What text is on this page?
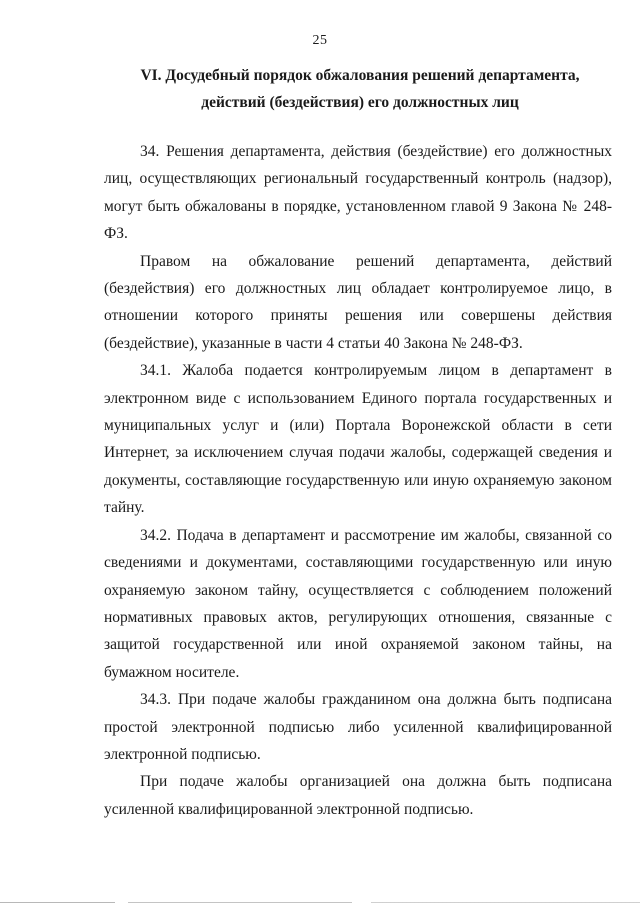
25
VI. Досудебный порядок обжалования решений департамента,
действий (бездействия) его должностных лиц

34. Решения департамента, действия (бездействие) его должностных лиц, осуществляющих региональный государственный контроль (надзор), могут быть обжалованы в порядке, установленном главой 9 Закона № 248-ФЗ.

Правом на обжалование решений департамента, действий (бездействия) его должностных лиц обладает контролируемое лицо, в отношении которого приняты решения или совершены действия (бездействие), указанные в части 4 статьи 40 Закона № 248-ФЗ.

34.1. Жалоба подается контролируемым лицом в департамент в электронном виде с использованием Единого портала государственных и муниципальных услуг и (или) Портала Воронежской области в сети Интернет, за исключением случая подачи жалобы, содержащей сведения и документы, составляющие государственную или иную охраняемую законом тайну.

34.2. Подача в департамент и рассмотрение им жалобы, связанной со сведениями и документами, составляющими государственную или иную охраняемую законом тайну, осуществляется с соблюдением положений нормативных правовых актов, регулирующих отношения, связанные с защитой государственной или иной охраняемой законом тайны, на бумажном носителе.

34.3. При подаче жалобы гражданином она должна быть подписана простой электронной подписью либо усиленной квалифицированной электронной подписью.

При подаче жалобы организацией она должна быть подписана усиленной квалифицированной электронной подписью.
